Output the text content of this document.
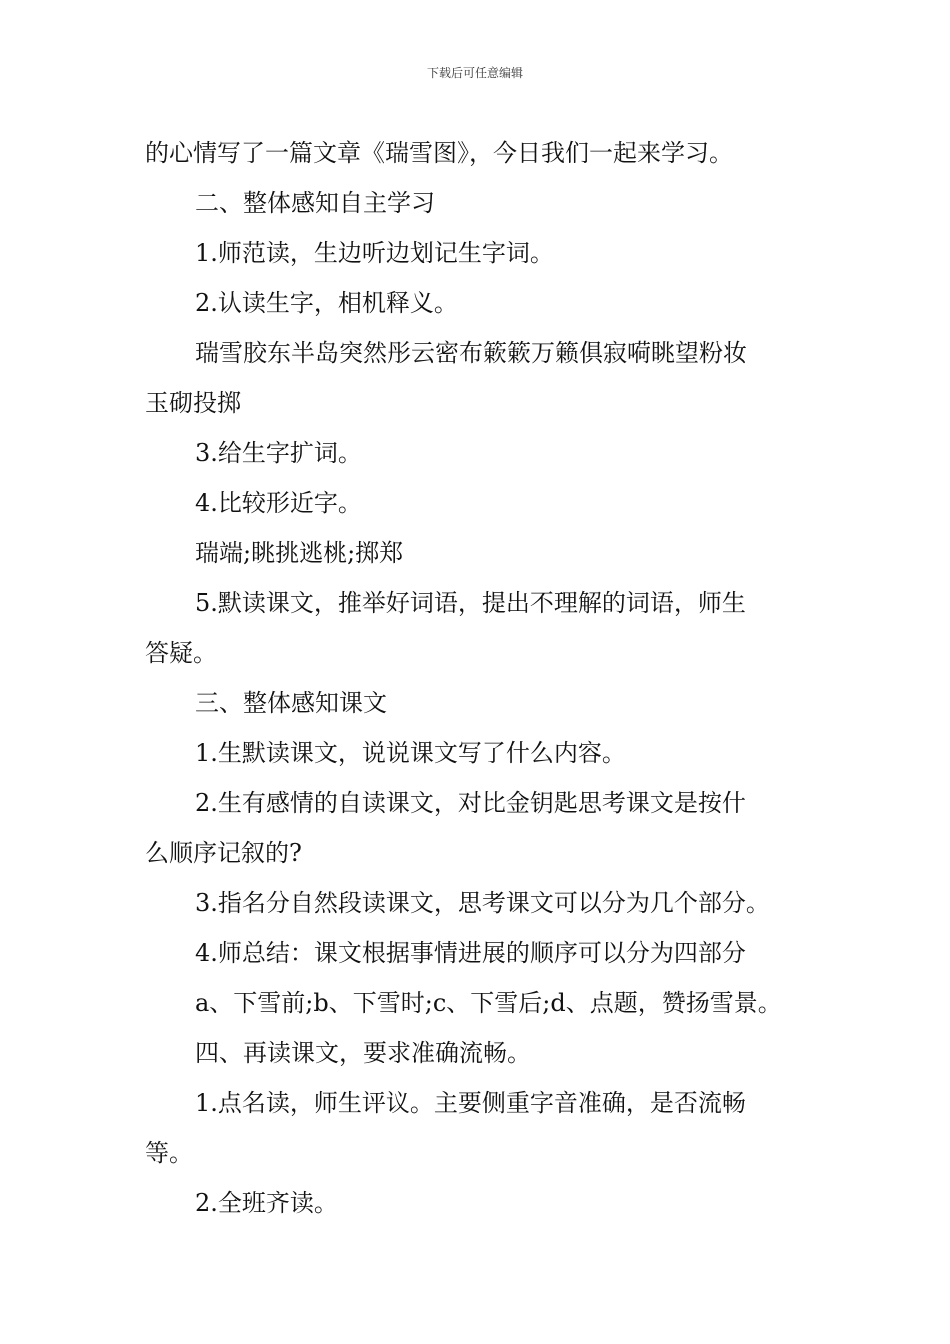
下载后可任意编辑
的心情写了一篇文章《瑞雪图》，今日我们一起来学习。
二、整体感知自主学习
1.师范读，生边听边划记生字词。
2.认读生字，相机释义。
瑞雪胶东半岛突然彤云密布簌簌万籁俱寂嗬眺望粉妆
玉砌投掷
3.给生字扩词。
4.比较形近字。
瑞端;眺挑逃桃;掷郑
5.默读课文，推举好词语，提出不理解的词语，师生
答疑。
三、整体感知课文
1.生默读课文，说说课文写了什么内容。
2.生有感情的自读课文，对比金钥匙思考课文是按什
么顺序记叙的?
3.指名分自然段读课文，思考课文可以分为几个部分。
4.师总结：课文根据事情进展的顺序可以分为四部分
a、下雪前;b、下雪时;c、下雪后;d、点题，赞扬雪景。
四、再读课文，要求准确流畅。
1.点名读，师生评议。主要侧重字音准确，是否流畅
等。
2.全班齐读。
